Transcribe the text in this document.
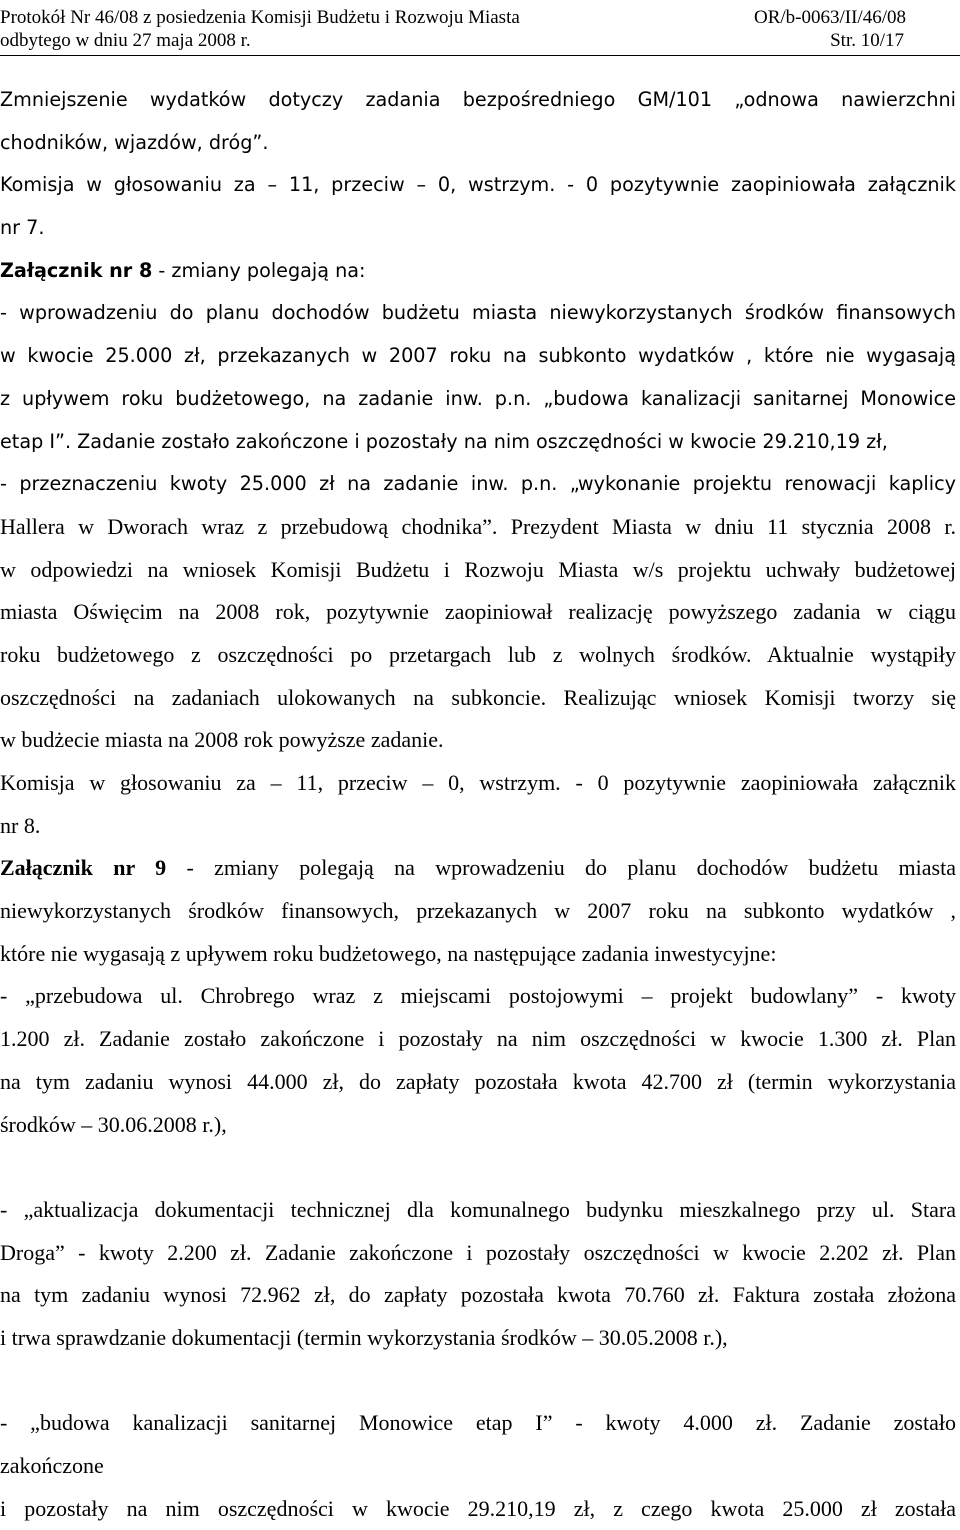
Protokół Nr 46/08 z posiedzenia Komisji Budżetu i Rozwoju Miasta	OR/b-0063/II/46/08
odbytego w dniu 27 maja 2008 r.	Str. 10/17
Zmniejszenie wydatków dotyczy zadania bezpośredniego GM/101 „odnowa nawierzchni
chodników, wjazdów, dróg”.
Komisja w głosowaniu za – 11, przeciw – 0, wstrzym. - 0 pozytywnie zaopiniowała załącznik
nr 7.
Załącznik nr 8 - zmiany polegają na:
- wprowadzeniu do planu dochodów budżetu miasta niewykorzystanych środków finansowych
w kwocie 25.000 zł, przekazanych w 2007 roku na subkonto wydatków , które nie wygasają
z upływem roku budżetowego, na zadanie inw. p.n. „budowa kanalizacji sanitarnej Monowice
etap I”. Zadanie zostało zakończone i pozostały na nim oszczędności w kwocie 29.210,19 zł,
- przeznaczeniu kwoty 25.000 zł na zadanie inw. p.n. „wykonanie projektu renowacji kaplicy
Hallera w Dworach wraz z przebudową chodnika”. Prezydent Miasta w dniu 11 stycznia 2008 r.
w odpowiedzi na wniosek Komisji Budżetu i Rozwoju Miasta w/s projektu uchwały budżetowej
miasta Oświęcim na 2008 rok, pozytywnie zaopiniował realizację powyższego zadania w ciągu
roku budżetowego z oszczędności po przetargach lub z wolnych środków. Aktualnie wystąpiły
oszczędności na zadaniach ulokowanych na subkoncie. Realizując wniosek Komisji tworzy się
w budżecie miasta na 2008 rok powyższe zadanie.
Komisja w głosowaniu za – 11, przeciw – 0, wstrzym. - 0 pozytywnie zaopiniowała załącznik
nr 8.
Załącznik nr 9 - zmiany polegają na wprowadzeniu do planu dochodów budżetu miasta
niewykorzystanych środków finansowych, przekazanych w 2007 roku na subkonto wydatków ,
które nie wygasają z upływem roku budżetowego, na następujące zadania inwestycyjne:
- „przebudowa ul. Chrobrego wraz z miejscami postojowymi – projekt budowlany” - kwoty
1.200 zł. Zadanie zostało zakończone i pozostały na nim oszczędności w kwocie 1.300 zł. Plan
na tym zadaniu wynosi 44.000 zł, do zapłaty pozostała kwota 42.700 zł (termin wykorzystania
środków – 30.06.2008 r.),
- „aktualizacja dokumentacji technicznej dla komunalnego budynku mieszkalnego przy ul. Stara
Droga” - kwoty 2.200 zł. Zadanie zakończone i pozostały oszczędności w kwocie 2.202 zł. Plan
na tym zadaniu wynosi 72.962 zł, do zapłaty pozostała kwota 70.760 zł. Faktura została złożona
i trwa sprawdzanie dokumentacji (termin wykorzystania środków – 30.05.2008 r.),
- „budowa kanalizacji sanitarnej Monowice etap I” - kwoty 4.000 zł. Zadanie zostało
zakończone
i pozostały na nim oszczędności w kwocie 29.210,19 zł, z czego kwota 25.000 zł została
